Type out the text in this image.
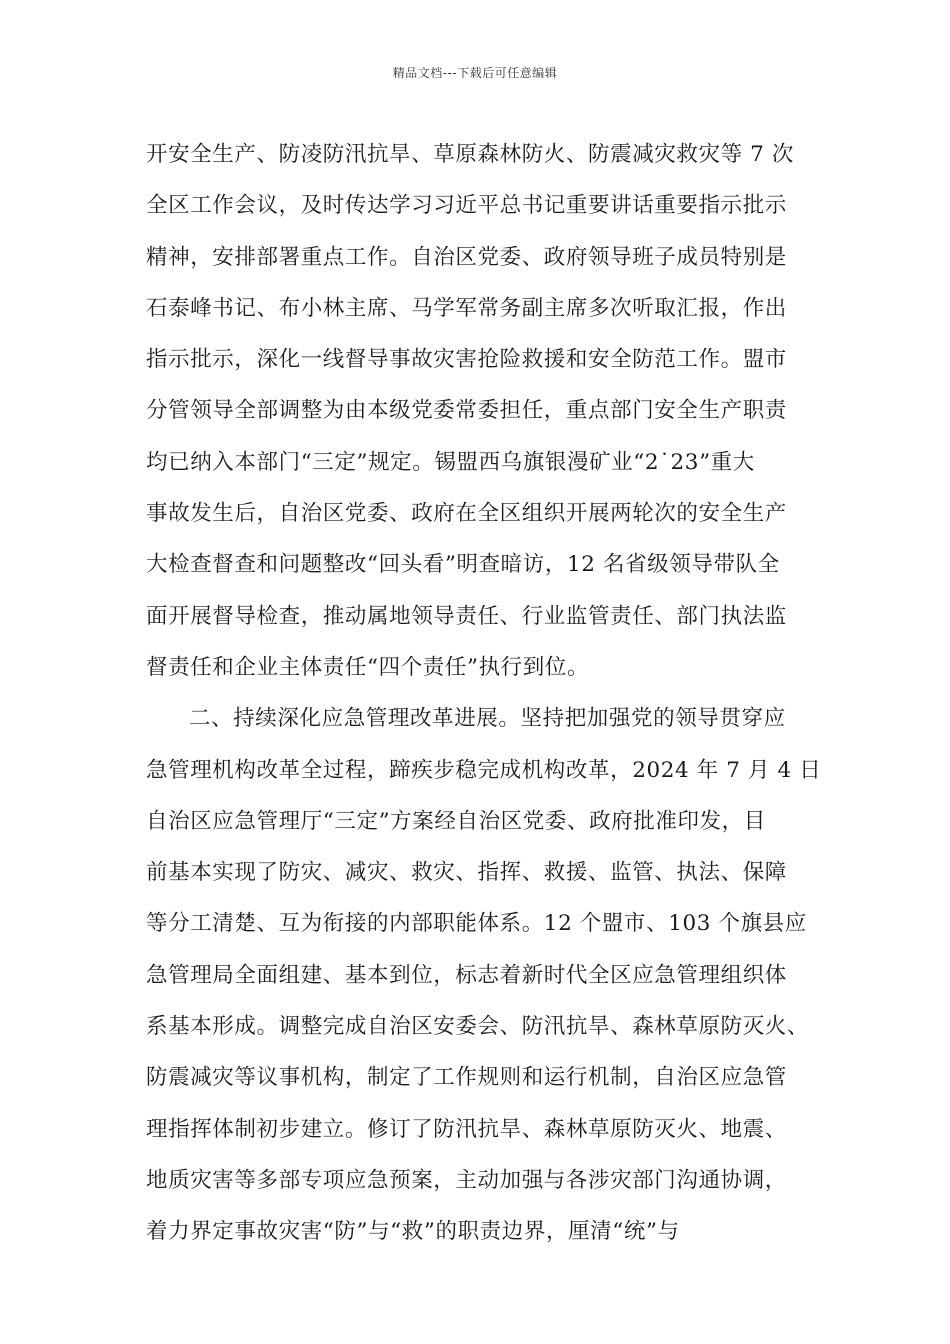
精品文档---下载后可任意编辑
开安全生产、防凌防汛抗旱、草原森林防火、防震减灾救灾等 7 次
全区工作会议，及时传达学习习近平总书记重要讲话重要指示批示
精神，安排部署重点工作。自治区党委、政府领导班子成员特别是
石泰峰书记、布小林主席、马学军常务副主席多次听取汇报，作出
指示批示，深化一线督导事故灾害抢险救援和安全防范工作。盟市
分管领导全部调整为由本级党委常委担任，重点部门安全生产职责
均已纳入本部门“三定”规定。锡盟西乌旗银漫矿业“2˙23”重大
事故发生后，自治区党委、政府在全区组织开展两轮次的安全生产
大检查督查和问题整改“回头看”明查暗访，12 名省级领导带队全
面开展督导检查，推动属地领导责任、行业监管责任、部门执法监
督责任和企业主体责任“四个责任”执行到位。
二、持续深化应急管理改革进展。坚持把加强党的领导贯穿应
急管理机构改革全过程，蹄疾步稳完成机构改革，2024 年 7 月 4 日
自治区应急管理厅“三定”方案经自治区党委、政府批准印发，目
前基本实现了防灾、减灾、救灾、指挥、救援、监管、执法、保障
等分工清楚、互为衔接的内部职能体系。12 个盟市、103 个旗县应
急管理局全面组建、基本到位，标志着新时代全区应急管理组织体
系基本形成。调整完成自治区安委会、防汛抗旱、森林草原防灭火、
防震减灾等议事机构，制定了工作规则和运行机制，自治区应急管
理指挥体制初步建立。修订了防汛抗旱、森林草原防灭火、地震、
地质灾害等多部专项应急预案，主动加强与各涉灾部门沟通协调，
着力界定事故灾害“防”与“救”的职责边界，厘清“统”与
